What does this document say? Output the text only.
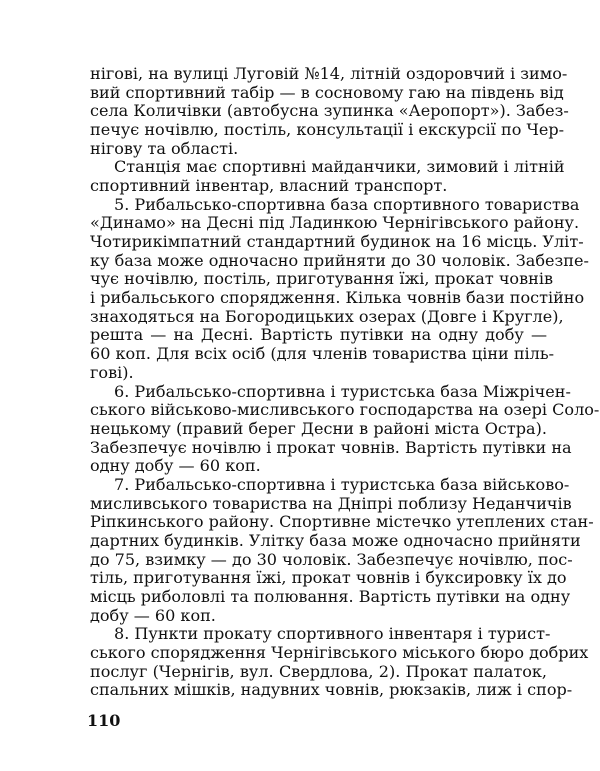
нігові, на вулиці Луговій №14, літній оздоровчий і зимо-

вий спортивний табір — в сосновому гаю на південь від

села Количівки (автобусна зупинка «Аеропорт»). Забез-

печує ночівлю, постіль, консультації і екскурсії по Чер-

нігову та області.

Станція має спортивні майданчики, зимовий і літній

спортивний інвентар, власний транспорт.

5. Рибальсько-спортивна база спортивного товариства

«Динамо» на Десні під Ладинкою Чернігівського району.

Чотирикімпатний стандартний будинок на 16 місць. Уліт-

ку база може одночасно прийняти до 30 чоловік. Забезпе-

чує ночівлю, постіль, приготування їжі, прокат човнів

і рибальського спорядження. Кілька човнів бази постійно

знаходяться на Богородицьких озерах (Довге і Кругле),

решта — на Десні. Вартість путівки на одну добу —

60 коп. Для всіх осіб (для членів товариства ціни піль-

гові).

6. Рибальсько-спортивна і туристська база Міжрічен-

ського військово-мисливського господарства на озері Соло-

нецькому (правий берег Десни в районі міста Остра).

Забезпечує ночівлю і прокат човнів. Вартість путівки на

одну добу — 60 коп.

7. Рибальсько-спортивна і туристська база військово-

мисливського товариства на Дніпрі поблизу Неданчичів

Ріпкинського району. Спортивне містечко утеплених стан-

дартних будинків. Улітку база може одночасно прийняти

до 75, взимку — до 30 чоловік. Забезпечує ночівлю, пос-

тіль, приготування їжі, прокат човнів і буксировку їх до

місць риболовлі та полювання. Вартість путівки на одну

добу — 60 коп.

8. Пункти прокату спортивного інвентаря і турист-

ського спорядження Чернігівського міського бюро добрих

послуг (Чернігів, вул. Свердлова, 2). Прокат палаток,

спальних мішків, надувних човнів, рюкзаків, лиж і спор-

110
